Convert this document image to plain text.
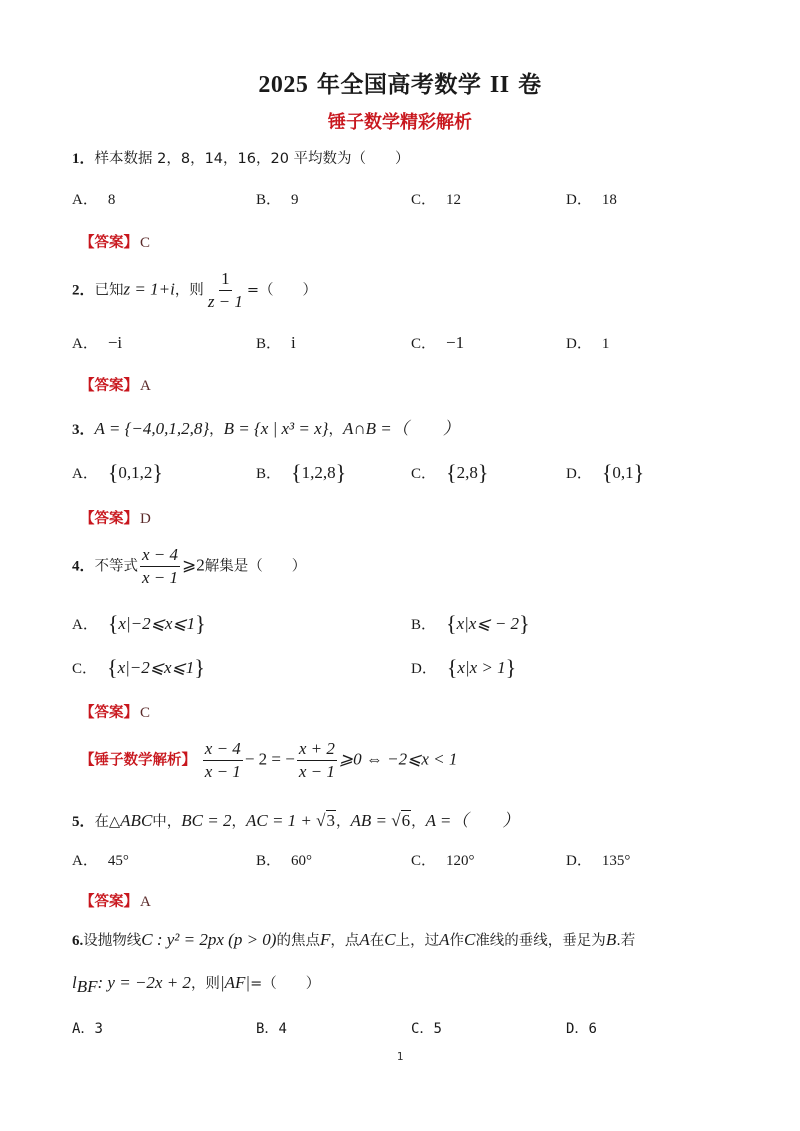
2025 年全国高考数学 II 卷
锤子数学精彩解析
1．样本数据 2，8，14，16，20 平均数为（　　）
A． 8	B． 9	C． 12	D． 18
【答案】 C
2．已知z = 1+i，则 $\frac{1}{z - 1}$ =（　　）
A． −i	B． i	C． −1	D． 1
【答案】 A
3．A = {−4,0,1,2,8}，B = {x | x³ = x}，A∩B =（　　）
A． {0,1,2}	B． {1,2,8}	C． {2,8}	D． {0,1}
【答案】 D
4．不等式 $\frac{x - 4}{x - 1}$ ⩾2解集是（　　）
A． {x|−2⩽x⩽1}	B． {x|x⩽ − 2}
C． {x|−2⩽x⩽1}	D． {x|x > 1}
【答案】 C
【锤子数学解析】 $\frac{x - 4}{x - 1} - 2$ = − $\frac{x + 2}{x - 1}$ ⩾0 ⇔ −2⩽x < 1
5．在△ABC中，BC = 2，AC = 1 + √3，AB = √6，A =（　　）
A． 45°	B． 60°	C． 120°	D． 135°
【答案】 A
6.设抛物线C : y² = 2px (p > 0)的焦点F，点A在C上，过A作C准线的垂线，垂足为B.若
$l_{BF}$: y = −2x + 2，则|AF|=（　　）
A．3	B．4	C．5	D．6
1
